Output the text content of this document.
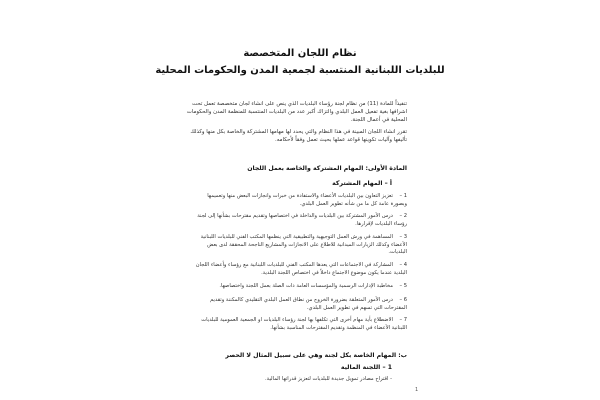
نظام اللجان المتخصصة
للبلديات اللبنانية المنتسبة لجمعية المدن والحكومات المحلية
تنفيذاً للمادة (11) من نظام لجنة رؤساء البلديات الذي ينص على انشاء لجان متخصصة تعمل تحت اشرافها بغية تفعيل العمل البلدي والتزاك أكبر عدد من البلديات المنتسبة للمنظمة المدن والحكومات المحلية في أعمال اللجنة.
تقرر انشاء اللجان المبينة في هذا النظام والتي يحدد لها مهامها المشتركة والخاصة بكل منها وكذلك تأليفها وآليات تكوينها قواعد عملها بحيث تعمل وفقاً لأحكامه.
المادة الأولى: المهام المشتركة والخاصة بعمل اللجان
أ – المهام المشتركة
1 –تعزيز التعاون بين البلديات الأعضاء والاستفادة من خبرات وانجازات البعض منها وتعميمها وبصورة عامة كل ما من شأنه تطوير العمل البلدي.
2 –درس الأمور المشتركة بين البلديات والداخلة في اختصاصها وتقديم مقترحات بشأنها إلى لجنة رؤساء البلديات لإقرارها.
3 –المساهمة في ورش العمل التوجيهية والتطبيقية التي ينظمها المكتب الفني للبلديات اللبنانية الأعضاء وكذلك الزيارات الميدانية للاطلاع على الانجازات والمشاريع الناجحة المحققة لدى بعض البلديات.
4 –المشاركة في الاجتماعات التي يعدها المكتب الفني للبلديات اللبنانية مع رؤساء وأعضاء اللجان البلدية عندما يكون موضوع الاجتماع داخلاً في اختصاص اللجنة البلدية.
5 –مخاطبة الإدارات الرسمية والمؤسسات العامة ذات الصلة بعمل اللجنة واختصاصها.
6 –درس الأمور المتعلقة بضرورة الخروج من نطاق العمل البلدي التقليدي كالمكننة وتقديم المقترحات التي تسهم في تطوير العمل البلدي.
7 –الاضطلاع بأية مهام أخرى التي تكلفها بها لجنة رؤساء البلديات او الجمعية العمومية للبلديات اللبنانية الأعضاء في المنظمة وتقديم المقترحات المناسبة بشأنها.
ب: المهام الخاصة بكل لجنة وهي على سبيل المثال لا الحصر
1 – اللجنة المالية
- اقتراح مصادر تمويل جديدة للبلديات لتعزيز قدراتها المالية.
1
